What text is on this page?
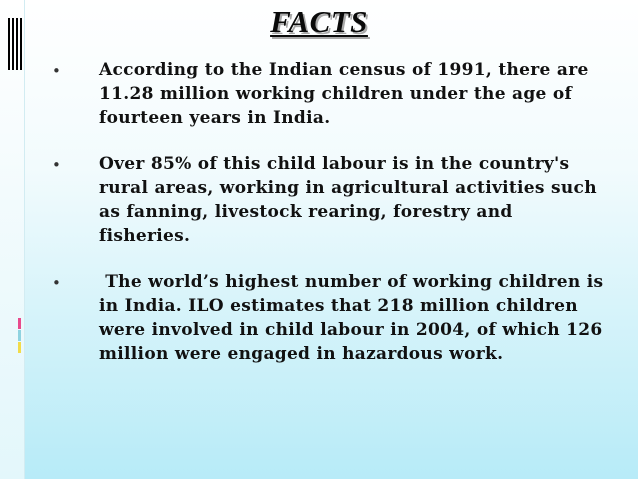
FACTS
• According to the Indian census of 1991, there are 11.28 million working children under the age of fourteen years in India.
• Over 85% of this child labour is in the country's rural areas, working in agricultural activities such as fanning, livestock rearing, forestry and fisheries.
• The world’s highest number of working children is in India. ILO estimates that 218 million children were involved in child labour in 2004, of which 126 million were engaged in hazardous work.
